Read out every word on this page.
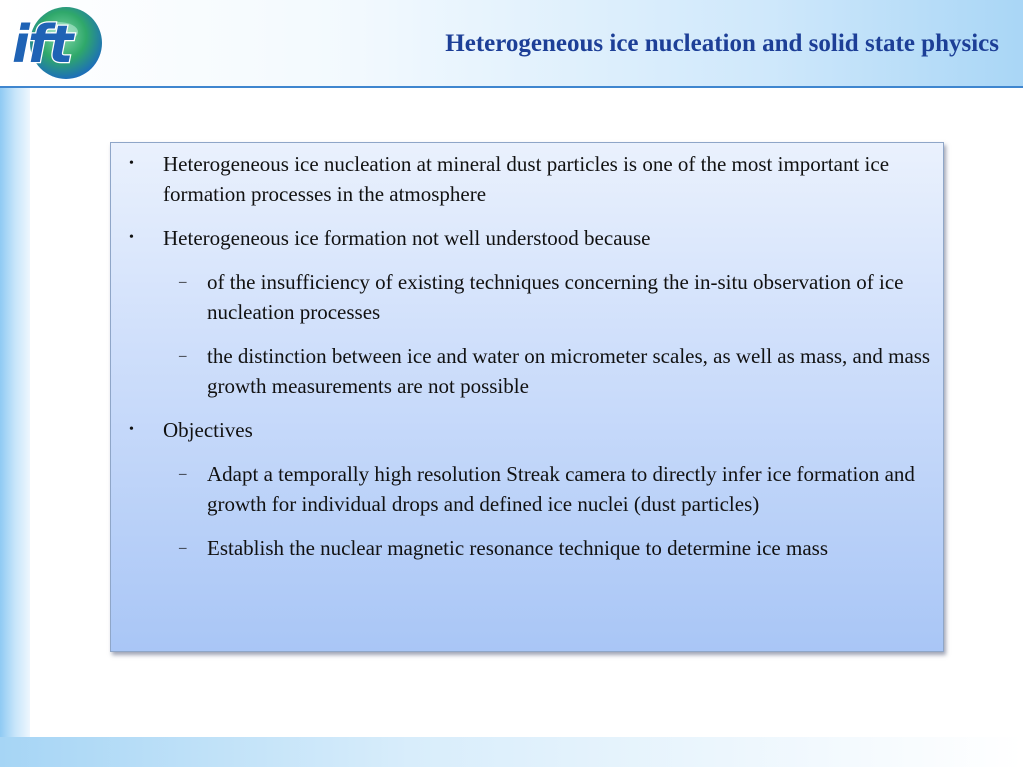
ift	Heterogeneous ice nucleation and solid state physics
• Heterogeneous ice nucleation at mineral dust particles is one of the most important ice formation processes in the atmosphere
• Heterogeneous ice formation not well understood because
– of the insufficiency of existing techniques concerning the in-situ observation of ice nucleation processes
– the distinction between ice and water on micrometer scales, as well as mass, and mass growth measurements are not possible
• Objectives
– Adapt a temporally high resolution Streak camera to directly infer ice formation and growth for individual drops and defined ice nuclei (dust particles)
– Establish the nuclear magnetic resonance technique to determine ice mass
